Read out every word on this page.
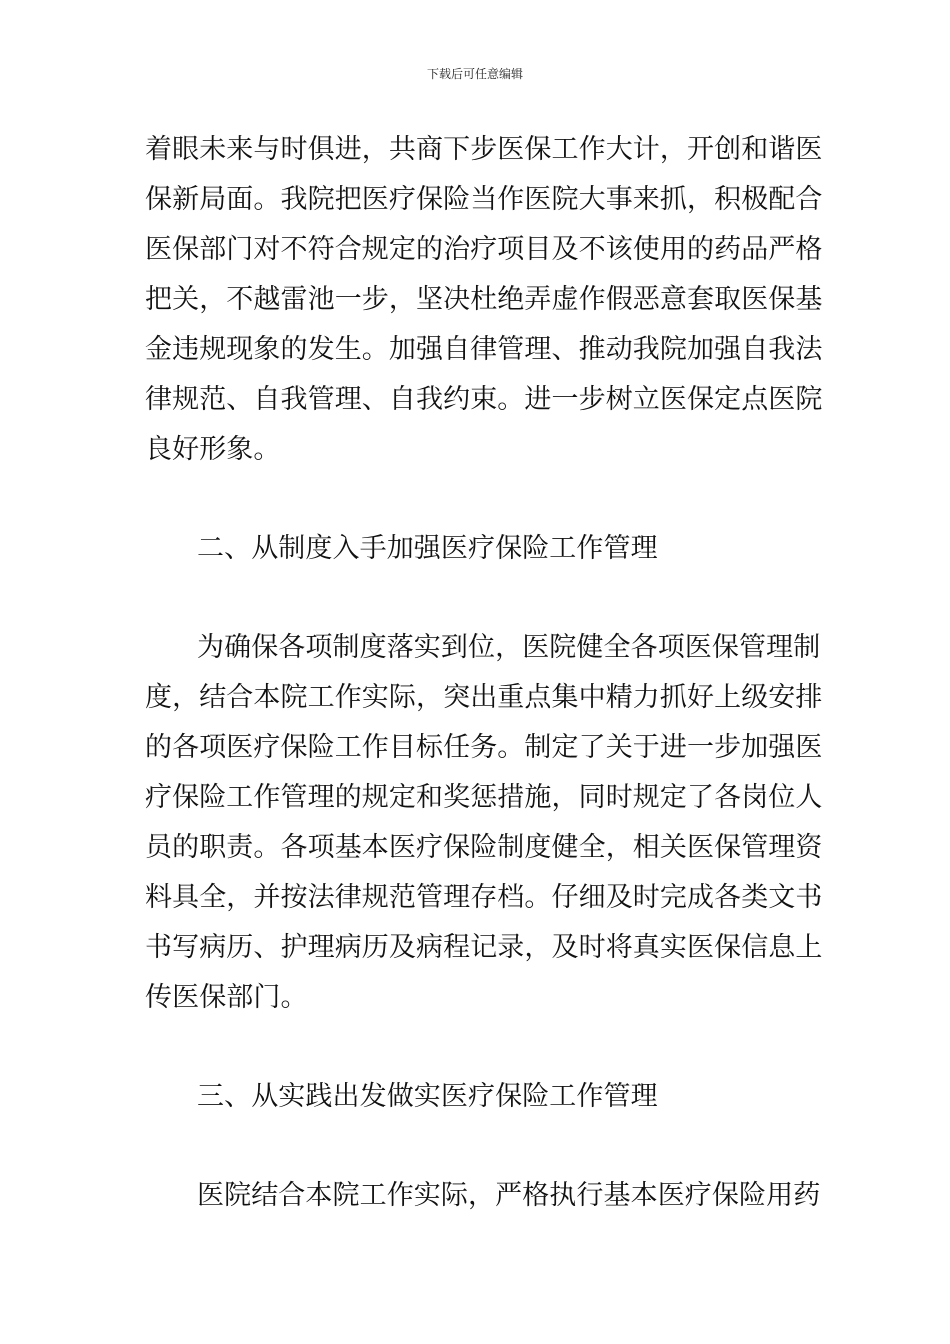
下载后可任意编辑
着眼未来与时俱进，共商下步医保工作大计，开创和谐医
保新局面。我院把医疗保险当作医院大事来抓，积极配合
医保部门对不符合规定的治疗项目及不该使用的药品严格
把关，不越雷池一步，坚决杜绝弄虚作假恶意套取医保基
金违规现象的发生。加强自律管理、推动我院加强自我法
律规范、自我管理、自我约束。进一步树立医保定点医院
良好形象。
二、从制度入手加强医疗保险工作管理
为确保各项制度落实到位，医院健全各项医保管理制
度，结合本院工作实际，突出重点集中精力抓好上级安排
的各项医疗保险工作目标任务。制定了关于进一步加强医
疗保险工作管理的规定和奖惩措施，同时规定了各岗位人
员的职责。各项基本医疗保险制度健全，相关医保管理资
料具全，并按法律规范管理存档。仔细及时完成各类文书
书写病历、护理病历及病程记录，及时将真实医保信息上
传医保部门。
三、从实践出发做实医疗保险工作管理
医院结合本院工作实际，严格执行基本医疗保险用药
